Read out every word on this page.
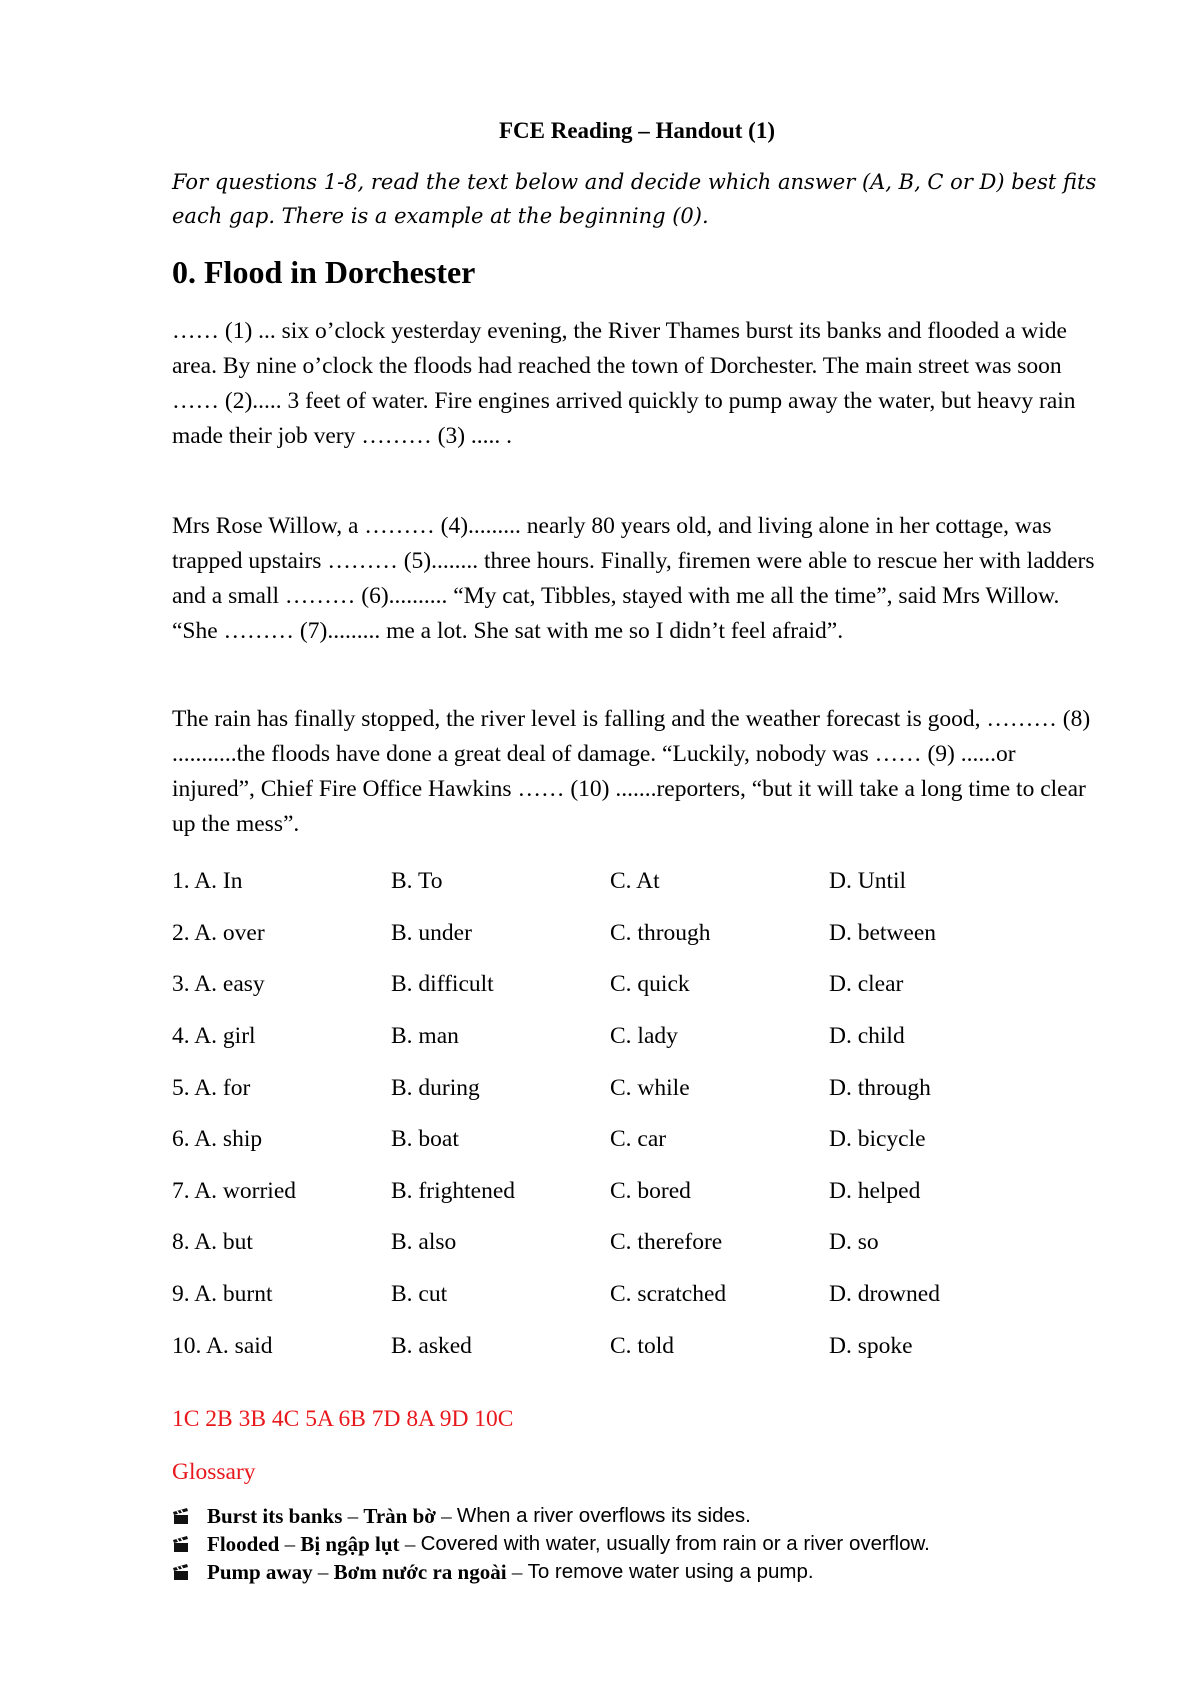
FCE Reading – Handout (1)

For questions 1-8, read the text below and decide which answer (A, B, C or D) best fits each gap. There is a example at the beginning (0).

0. Flood in Dorchester

…… (1) ... six o’clock yesterday evening, the River Thames burst its banks and flooded a wide area. By nine o’clock the floods had reached the town of Dorchester. The main street was soon …… (2)..... 3 feet of water. Fire engines arrived quickly to pump away the water, but heavy rain made their job very ……… (3) ..... .

Mrs Rose Willow, a ……… (4)......... nearly 80 years old, and living alone in her cottage, was trapped upstairs ……… (5)........ three hours. Finally, firemen were able to rescue her with ladders and a small ……… (6).......... “My cat, Tibbles, stayed with me all the time”, said Mrs Willow. “She ……… (7)......... me a lot. She sat with me so I didn’t feel afraid”.

The rain has finally stopped, the river level is falling and the weather forecast is good, ……… (8) ...........the floods have done a great deal of damage. “Luckily, nobody was …… (9) ......or injured”, Chief Fire Office Hawkins …… (10) .......reporters, “but it will take a long time to clear up the mess”.

1. A. In	B. To	C. At	D. Until
2. A. over	B. under	C. through	D. between
3. A. easy	B. difficult	C. quick	D. clear
4. A. girl	B. man	C. lady	D. child
5. A. for	B. during	C. while	D. through
6. A. ship	B. boat	C. car	D. bicycle
7. A. worried	B. frightened	C. bored	D. helped
8. A. but	B. also	C. therefore	D. so
9. A. burnt	B. cut	C. scratched	D. drowned
10. A. said	B. asked	C. told	D. spoke

1C 2B 3B 4C 5A 6B 7D 8A 9D 10C

Glossary

Burst its banks – Tràn bờ – When a river overflows its sides.
Flooded – Bị ngập lụt – Covered with water, usually from rain or a river overflow.
Pump away – Bơm nước ra ngoài – To remove water using a pump.
